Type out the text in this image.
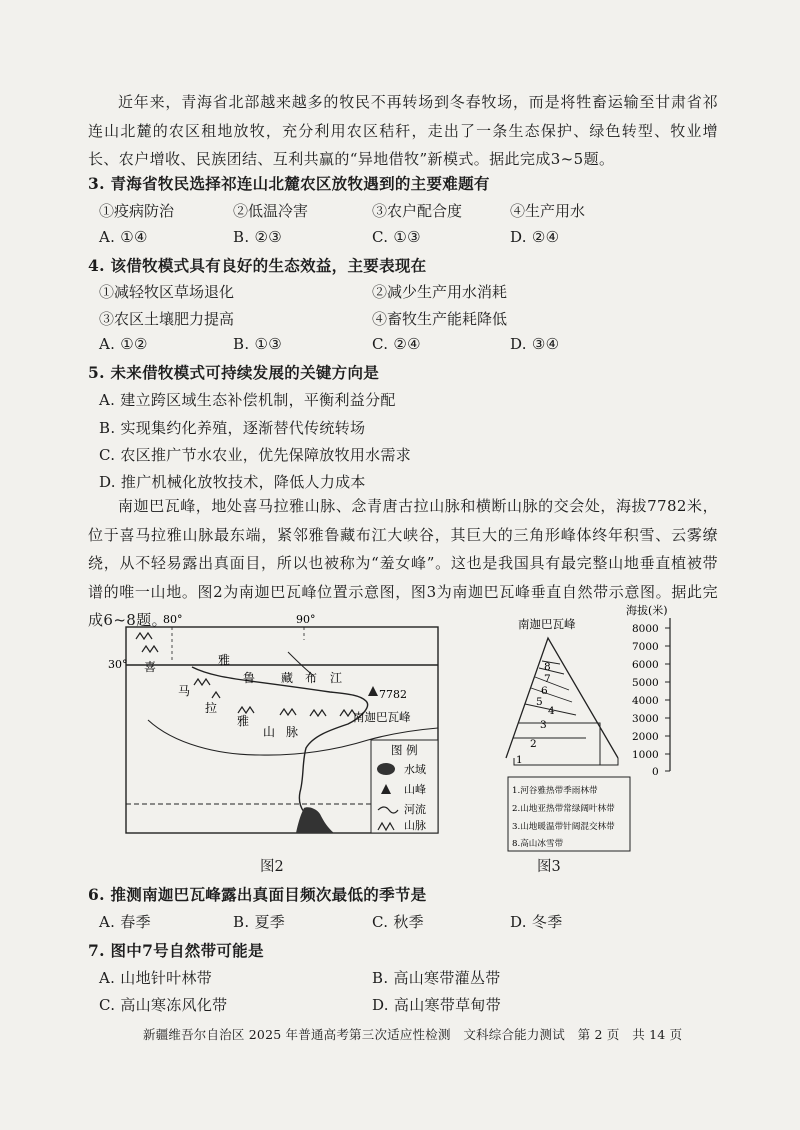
近年来，青海省北部越来越多的牧民不再转场到冬春牧场，而是将牲畜运输至甘肃省祁连山北麓的农区租地放牧，充分利用农区秸秆，走出了一条生态保护、绿色转型、牧业增长、农户增收、民族团结、互利共赢的“异地借牧”新模式。据此完成3~5题。
3. 青海省牧民选择祁连山北麓农区放牧遇到的主要难题有
①疫病防治	②低温冷害	③农户配合度	④生产用水
A. ①④	B. ②③	C. ①③	D. ②④
4. 该借牧模式具有良好的生态效益，主要表现在
①减轻牧区草场退化	②减少生产用水消耗
③农区土壤肥力提高	④畜牧生产能耗降低
A. ①②	B. ①③	C. ②④	D. ③④
5. 未来借牧模式可持续发展的关键方向是
A. 建立跨区域生态补偿机制，平衡利益分配
B. 实现集约化养殖，逐渐替代传统转场
C. 农区推广节水农业，优先保障放牧用水需求
D. 推广机械化放牧技术，降低人力成本
南迦巴瓦峰，地处喜马拉雅山脉、念青唐古拉山脉和横断山脉的交会处，海拔7782米，位于喜马拉雅山脉最东端，紧邻雅鲁藏布江大峡谷，其巨大的三角形峰体终年积雪、云雾缭绕，从不轻易露出真面目，所以也被称为“羞女峰”。这也是我国具有最完整山地垂直植被带谱的唯一山地。图2为南迦巴瓦峰位置示意图，图3为南迦巴瓦峰垂直自然带示意图。据此完成6~8题。
80°	90°
30°	雅
鲁 藏 布 江
喜
马
拉
雅
山 脉
7782
南迦巴瓦峰
图 例
水域
山峰
河流
山脉
图2
南迦巴瓦峰
海拔(米)
8000
7000
6000
5000
4000
3000
2000
1000
0
1
2
3
4
5
6
7
8
1.河谷雅热带季雨林带
2.山地亚热带常绿阔叶林带
3.山地暖温带针阔混交林带
8.高山冰雪带
图3
6. 推测南迦巴瓦峰露出真面目频次最低的季节是
A. 春季	B. 夏季	C. 秋季	D. 冬季
7. 图中7号自然带可能是
A. 山地针叶林带	B. 高山寒带灌丛带
C. 高山寒冻风化带	D. 高山寒带草甸带
新疆维吾尔自治区 2025 年普通高考第三次适应性检测　文科综合能力测试　第 2 页　共 14 页
